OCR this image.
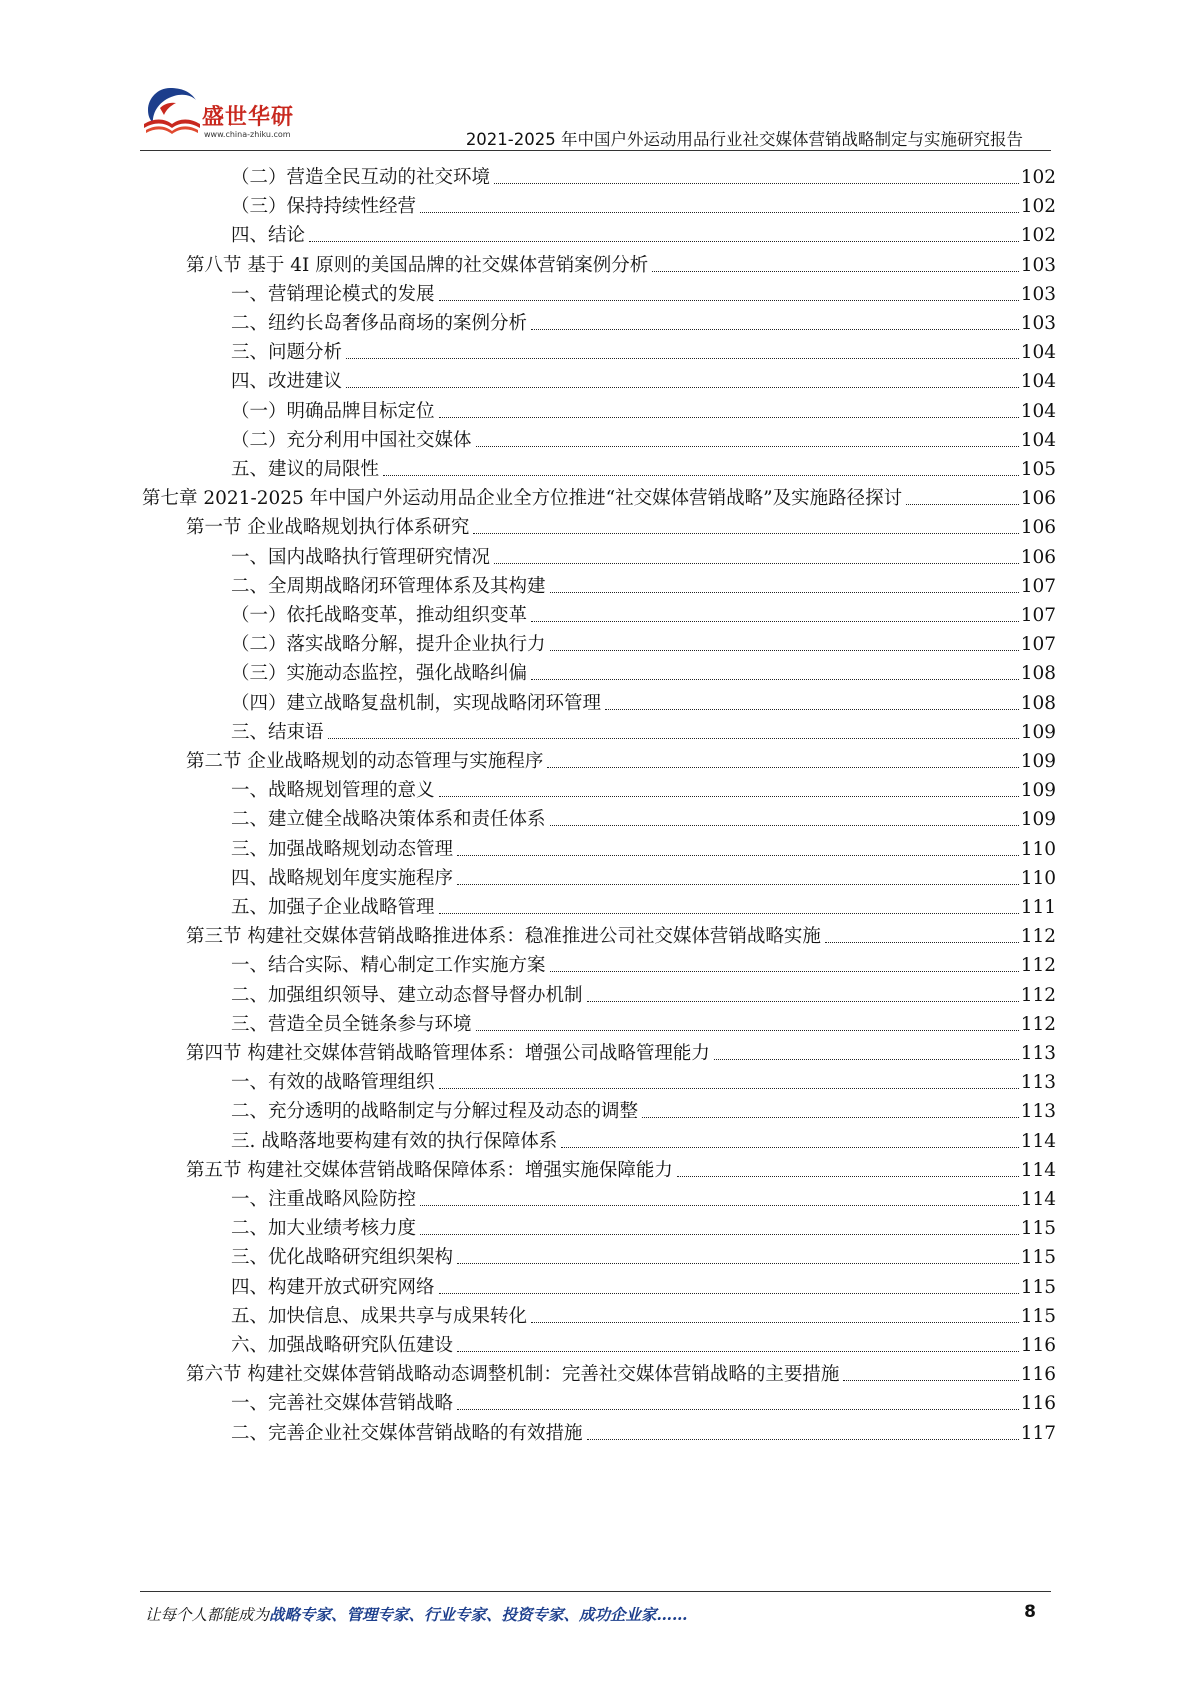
盛世华研
www.china-zhiku.com	2021-2025 年中国户外运动用品行业社交媒体营销战略制定与实施研究报告
（二）营造全民互动的社交环境	102
（三）保持持续性经营	102
四、结论	102
第八节 基于 4I 原则的美国品牌的社交媒体营销案例分析	103
一、营销理论模式的发展	103
二、纽约长岛奢侈品商场的案例分析	103
三、问题分析	104
四、改进建议	104
（一）明确品牌目标定位	104
（二）充分利用中国社交媒体	104
五、建议的局限性	105
第七章 2021-2025 年中国户外运动用品企业全方位推进“社交媒体营销战略”及实施路径探讨	106
第一节 企业战略规划执行体系研究	106
一、国内战略执行管理研究情况	106
二、全周期战略闭环管理体系及其构建	107
（一）依托战略变革，推动组织变革	107
（二）落实战略分解，提升企业执行力	107
（三）实施动态监控，强化战略纠偏	108
（四）建立战略复盘机制，实现战略闭环管理	108
三、结束语	109
第二节 企业战略规划的动态管理与实施程序	109
一、战略规划管理的意义	109
二、建立健全战略决策体系和责任体系	109
三、加强战略规划动态管理	110
四、战略规划年度实施程序	110
五、加强子企业战略管理	111
第三节 构建社交媒体营销战略推进体系：稳准推进公司社交媒体营销战略实施	112
一、结合实际、精心制定工作实施方案	112
二、加强组织领导、建立动态督导督办机制	112
三、营造全员全链条参与环境	112
第四节 构建社交媒体营销战略管理体系：增强公司战略管理能力	113
一、有效的战略管理组织	113
二、充分透明的战略制定与分解过程及动态的调整	113
三. 战略落地要构建有效的执行保障体系	114
第五节 构建社交媒体营销战略保障体系：增强实施保障能力	114
一、注重战略风险防控	114
二、加大业绩考核力度	115
三、优化战略研究组织架构	115
四、构建开放式研究网络	115
五、加快信息、成果共享与成果转化	115
六、加强战略研究队伍建设	116
第六节 构建社交媒体营销战略动态调整机制：完善社交媒体营销战略的主要措施	116
一、完善社交媒体营销战略	116
二、完善企业社交媒体营销战略的有效措施	117
让每个人都能成为战略专家、管理专家、行业专家、投资专家、成功企业家……	8
